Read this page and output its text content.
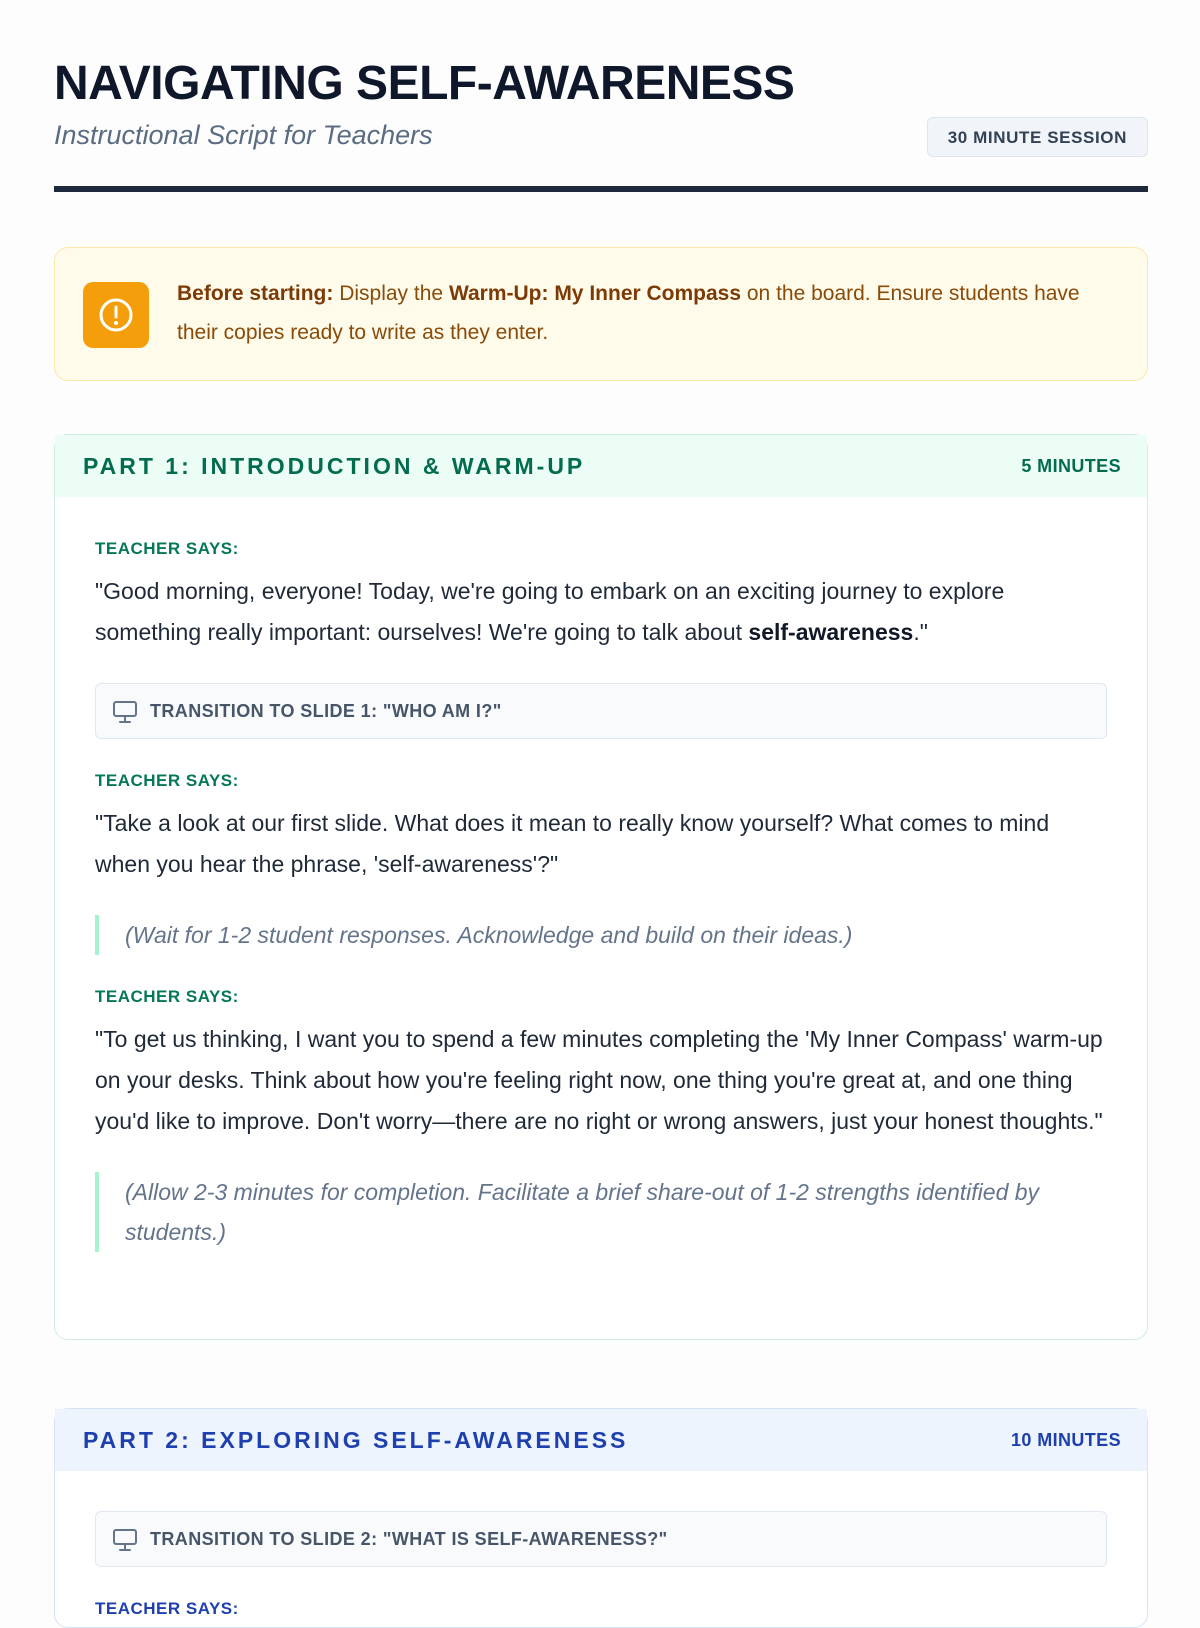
NAVIGATING SELF-AWARENESS

Instructional Script for Teachers	30 MINUTE SESSION

Before starting: Display the Warm-Up: My Inner Compass on the board. Ensure students have their copies ready to write as they enter.

PART 1: INTRODUCTION & WARM-UP	5 MINUTES

TEACHER SAYS:

"Good morning, everyone! Today, we're going to embark on an exciting journey to explore something really important: ourselves! We're going to talk about self-awareness."

TRANSITION TO SLIDE 1: "WHO AM I?"

TEACHER SAYS:

"Take a look at our first slide. What does it mean to really know yourself? What comes to mind when you hear the phrase, 'self-awareness'?"

(Wait for 1-2 student responses. Acknowledge and build on their ideas.)

TEACHER SAYS:

"To get us thinking, I want you to spend a few minutes completing the 'My Inner Compass' warm-up on your desks. Think about how you're feeling right now, one thing you're great at, and one thing you'd like to improve. Don't worry—there are no right or wrong answers, just your honest thoughts."

(Allow 2-3 minutes for completion. Facilitate a brief share-out of 1-2 strengths identified by students.)
PART 2: EXPLORING SELF-AWARENESS	10 MINUTES
TRANSITION TO SLIDE 2: "WHAT IS SELF-AWARENESS?"

TEACHER SAYS:
